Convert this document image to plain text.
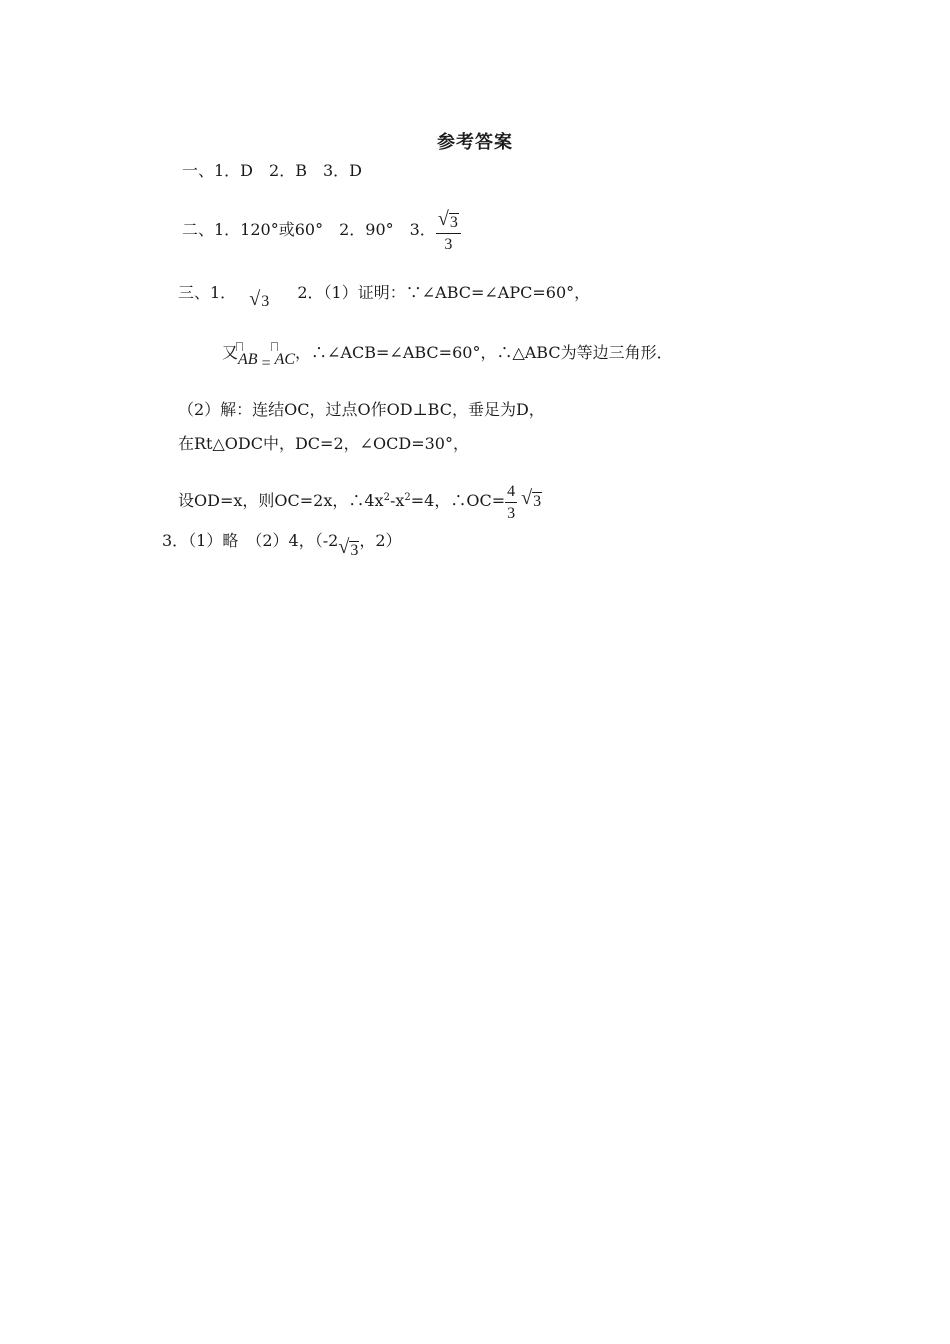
参考答案
一、1．D　2．B　3．D
二、1．120°或60°　2．90°　3． $\frac{√ 3}{3}$
三、1． √ 3 2．（1）证明：∵∠ABC=∠APC=60°，
又
AB =
AC，∴∠ACB=∠ABC=60°，∴△ABC为等边三角形．
（2）解：连结OC，过点O作OD⊥BC，垂足为D，
在Rt△ODC中，DC=2，∠OCD=30°，
设OD=x，则OC=2x，$\therefore 4x^2-x^2=4$，∴OC= $\frac{4}{3}$ √ 3
3．（1）略　（2）4，（-2 √ 3，2）
